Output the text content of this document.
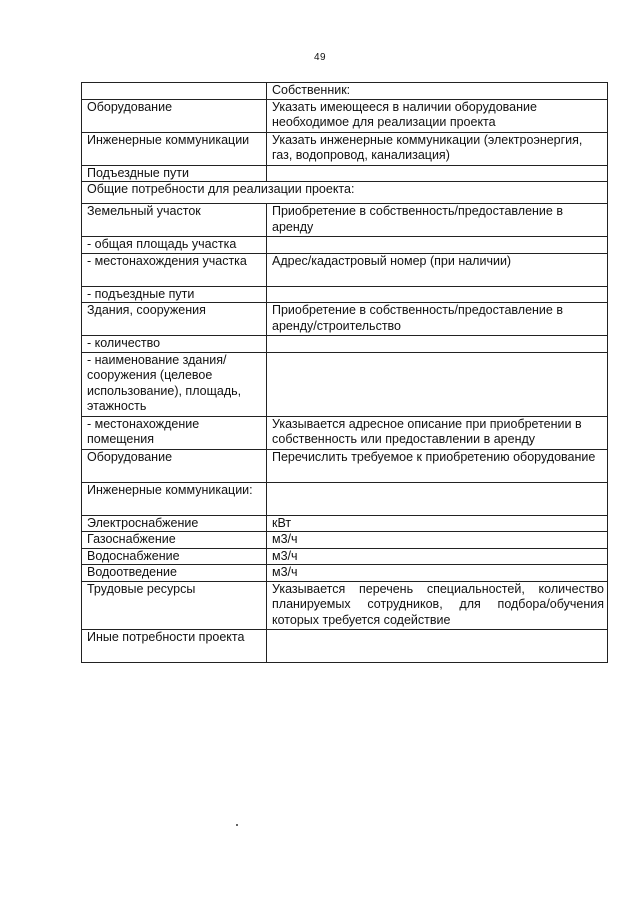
49
	Собственник:
Оборудование	Указать имеющееся в наличии оборудование необходимое для реализации проекта
Инженерные коммуникации	Указать инженерные коммуникации (электроэнергия, газ, водопровод, канализация)
Подъездные пути	
Общие потребности для реализации проекта:	
Земельный участок	Приобретение в собственность/предоставление в аренду
- общая площадь участка	
- местонахождения участка	Адрес/кадастровый номер (при наличии)
- подъездные пути	
Здания, сооружения	Приобретение в собственность/предоставление в аренду/строительство
- количество	
- наименование здания/сооружения (целевое использование), площадь, этажность	
- местонахождение помещения	Указывается адресное описание при приобретении в собственность или предоставлении в аренду
Оборудование	Перечислить требуемое к приобретению оборудование
Инженерные коммуникации:	
Электроснабжение	кВт
Газоснабжение	м3/ч
Водоснабжение	м3/ч
Водоотведение	м3/ч
Трудовые ресурсы	Указывается перечень специальностей, количество планируемых сотрудников, для подбора/обучения которых требуется содействие
Иные потребности проекта	
